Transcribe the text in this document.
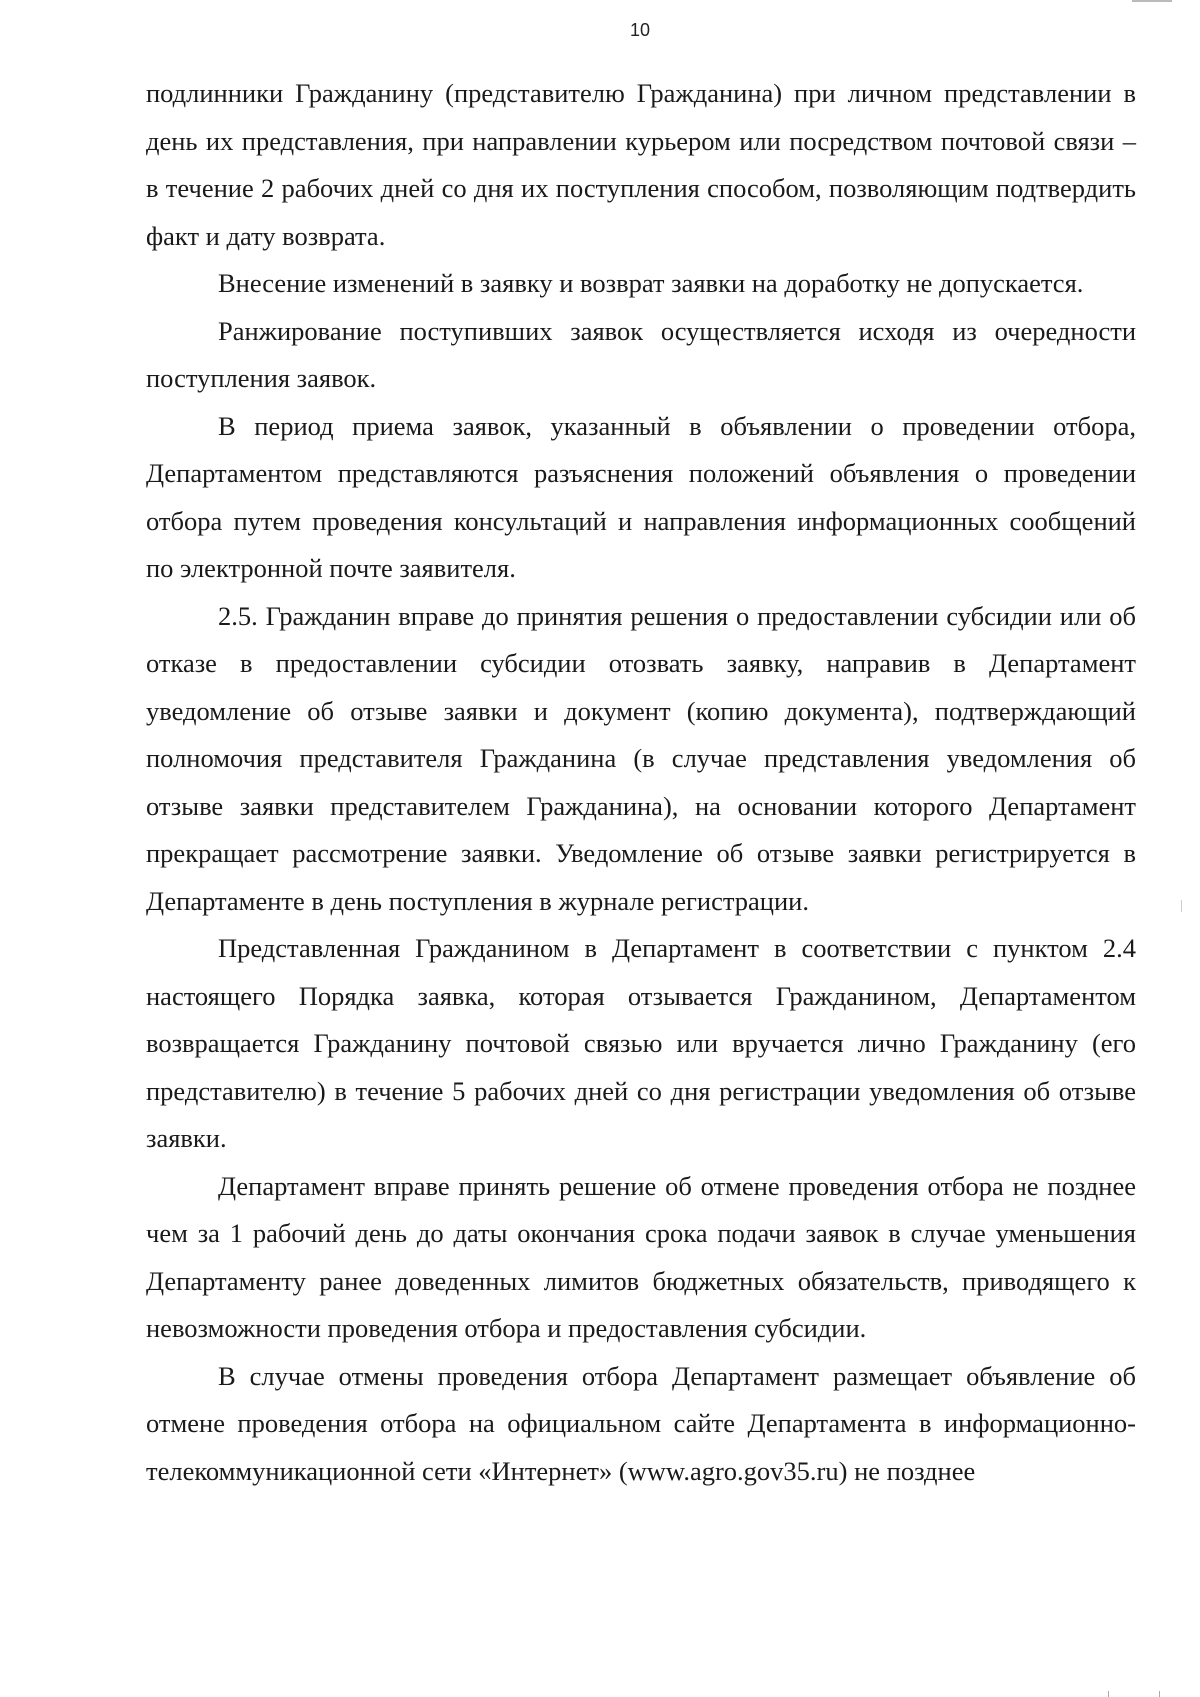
10

подлинники Гражданину (представителю Гражданина) при личном представлении в день их представления, при направлении курьером или посредством почтовой связи – в течение 2 рабочих дней со дня их поступления способом, позволяющим подтвердить факт и дату возврата.

Внесение изменений в заявку и возврат заявки на доработку не допускается.

Ранжирование поступивших заявок осуществляется исходя из очередности поступления заявок.

В период приема заявок, указанный в объявлении о проведении отбора, Департаментом представляются разъяснения положений объявления о проведении отбора путем проведения консультаций и направления информационных сообщений по электронной почте заявителя.

2.5. Гражданин вправе до принятия решения о предоставлении субсидии или об отказе в предоставлении субсидии отозвать заявку, направив в Департамент уведомление об отзыве заявки и документ (копию документа), подтверждающий полномочия представителя Гражданина (в случае представления уведомления об отзыве заявки представителем Гражданина), на основании которого Департамент прекращает рассмотрение заявки. Уведомление об отзыве заявки регистрируется в Департаменте в день поступления в журнале регистрации.

Представленная Гражданином в Департамент в соответствии с пунктом 2.4 настоящего Порядка заявка, которая отзывается Гражданином, Департаментом возвращается Гражданину почтовой связью или вручается лично Гражданину (его представителю) в течение 5 рабочих дней со дня регистрации уведомления об отзыве заявки.

Департамент вправе принять решение об отмене проведения отбора не позднее чем за 1 рабочий день до даты окончания срока подачи заявок в случае уменьшения Департаменту ранее доведенных лимитов бюджетных обязательств, приводящего к невозможности проведения отбора и предоставления субсидии.

В случае отмены проведения отбора Департамент размещает объявление об отмене проведения отбора на официальном сайте Департамента в информационно-телекоммуникационной сети «Интернет» (www.agro.gov35.ru) не позднее
